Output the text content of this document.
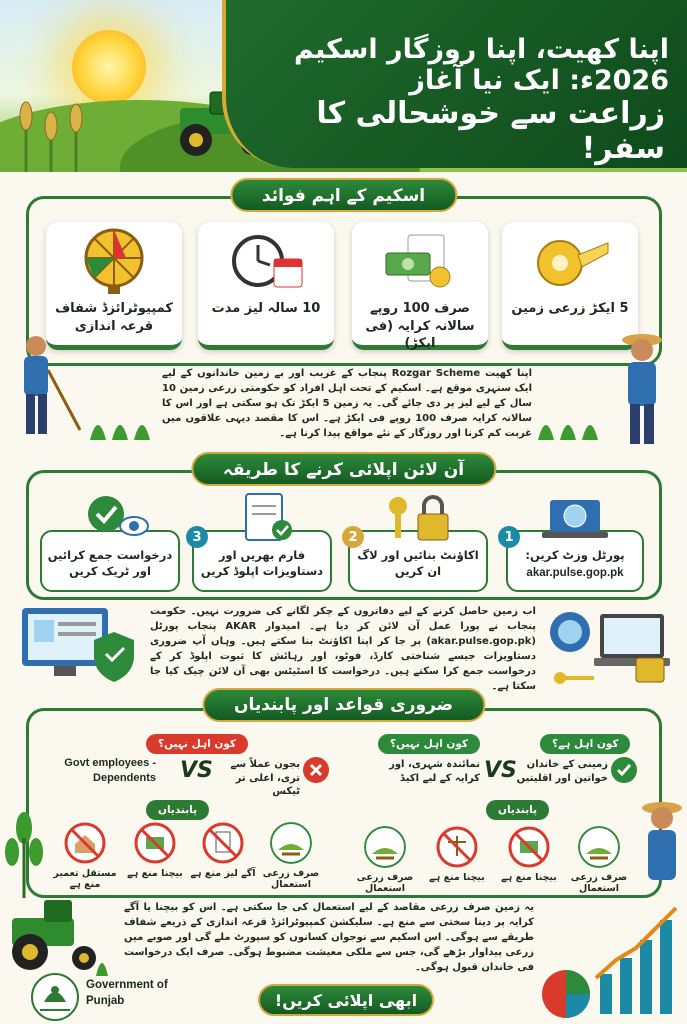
اپنا کھیت، اپنا روزگار اسکیم 2026ء: ایک نیا آغاز
زراعت سے خوشحالی کا سفر!
اسکیم کے اہم فوائد
5 ایکڑ زرعی زمین
صرف 100 روپے سالانہ کرایہ (فی ایکڑ)
10 سالہ لیز مدت
کمپیوٹرائزڈ شفاف قرعہ اندازی
اپنا کھیت Rozgar Scheme پنجاب کے غریب اور بے زمین خاندانوں کے لیے ایک سنہری موقع ہے۔ اسکیم کے تحت اہل افراد کو حکومتی زرعی زمین 10 سال کے لیے لیز پر دی جائے گی۔ یہ زمین 5 ایکڑ تک ہو سکتی ہے اور اس کا سالانہ کرایہ صرف 100 روپے فی ایکڑ ہے۔ اس کا مقصد دیہی علاقوں میں غربت کم کرنا اور روزگار کے نئے مواقع پیدا کرنا ہے۔
آن لائن اپلائی کرنے کا طریقہ
1
2
3
پورٹل وزٹ کریں:
akar.pulse.gop.pk
اکاؤنٹ بنائیں اور لاگ ان کریں
فارم بھریں اور دستاویزات اپلوڈ کریں
درخواست جمع کرائیں اور ٹریک کریں
اب زمین حاصل کرنے کے لیے دفاتروں کے چکر لگانے کی ضرورت نہیں۔ حکومت پنجاب نے پورا عمل آن لائن کر دیا ہے۔ امیدوار AKAR پنجاب پورٹل (akar.pulse.gop.pk) پر جا کر اپنا اکاؤنٹ بنا سکتے ہیں۔ وہاں آپ ضروری دستاویزات جیسے شناختی کارڈ، فوٹو، اور رہائش کا ثبوت اپلوڈ کر کے درخواست جمع کرا سکتے ہیں۔ درخواست کا اسٹیٹس بھی آن لائن چیک کیا جا سکتا ہے۔
ضروری قواعد اور پابندیاں
کون اہل ہے؟
کون اہل نہیں؟
زمینی کے خاندان خواتین اور اقلیتیں
VS
نمائندہ شہری، اور کرایہ کے لیے اکیڈ
کون اہل نہیں؟
Govt employees - Dependents VS	بجون عملاً سے تری، اعلی تر ٹیکس
پابندیاں
پابندیاں
صرف زرعی استعمال
بیچنا منع ہے
بیچنا منع ہے
صرف زرعی استعمال
صرف زرعی استعمال
آگے لیز منع ہے
بیچنا منع ہے
مستقل تعمیر منع ہے
یہ زمین صرف زرعی مقاصد کے لیے استعمال کی جا سکتی ہے۔ اس کو بیچنا یا آگے کرایہ پر دینا سختی سے منع ہے۔ سلیکشن کمپیوٹرائزڈ قرعہ اندازی کے ذریعے شفاف طریقے سے ہوگی۔ اس اسکیم سے نوجوان کسانوں کو سپورٹ ملے گی اور صوبے میں زرعی پیداوار بڑھے گی، جس سے ملکی معیشت مضبوط ہوگی۔ صرف ایک درخواست فی خاندان قبول ہوگی۔
Government of
Punjab	ابھی اپلائی کریں!
